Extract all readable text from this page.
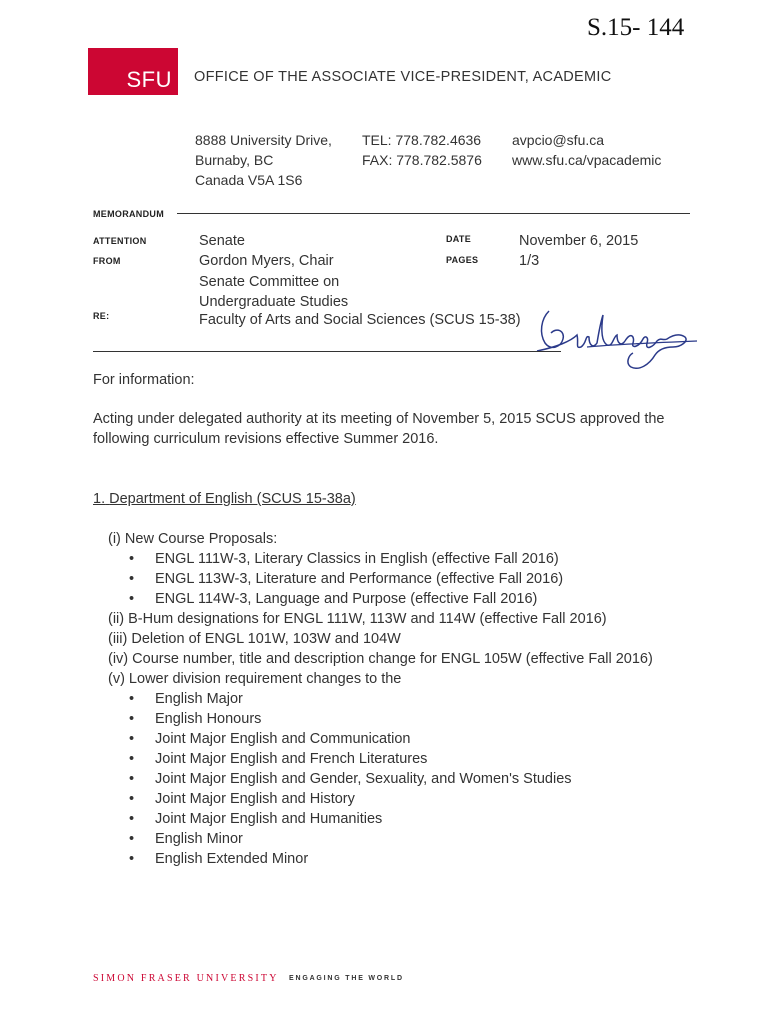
S.15- 144
SFU OFFICE OF THE ASSOCIATE VICE-PRESIDENT, ACADEMIC
8888 University Drive,
Burnaby, BC
Canada V5A 1S6
TEL: 778.782.4636
FAX: 778.782.5876
avpcio@sfu.ca
www.sfu.ca/vpacademic
MEMORANDUM
ATTENTION
FROM
RE:
Senate
Gordon Myers, Chair
Senate Committee on
Undergraduate Studies
Faculty of Arts and Social Sciences (SCUS 15-38)
DATE
PAGES
November 6, 2015
1/3
For information:
Acting under delegated authority at its meeting of November 5, 2015 SCUS approved the following curriculum revisions effective Summer 2016.
1. Department of English (SCUS 15-38a)
(i) New Course Proposals:
• ENGL 111W-3, Literary Classics in English (effective Fall 2016)
• ENGL 113W-3, Literature and Performance (effective Fall 2016)
• ENGL 114W-3, Language and Purpose (effective Fall 2016)
(ii) B-Hum designations for ENGL 111W, 113W and 114W (effective Fall 2016)
(iii) Deletion of ENGL 101W, 103W and 104W
(iv) Course number, title and description change for ENGL 105W (effective Fall 2016)
(v) Lower division requirement changes to the
• English Major
• English Honours
• Joint Major English and Communication
• Joint Major English and French Literatures
• Joint Major English and Gender, Sexuality, and Women's Studies
• Joint Major English and History
• Joint Major English and Humanities
• English Minor
• English Extended Minor
SIMON FRASER UNIVERSITY ENGAGING THE WORLD
